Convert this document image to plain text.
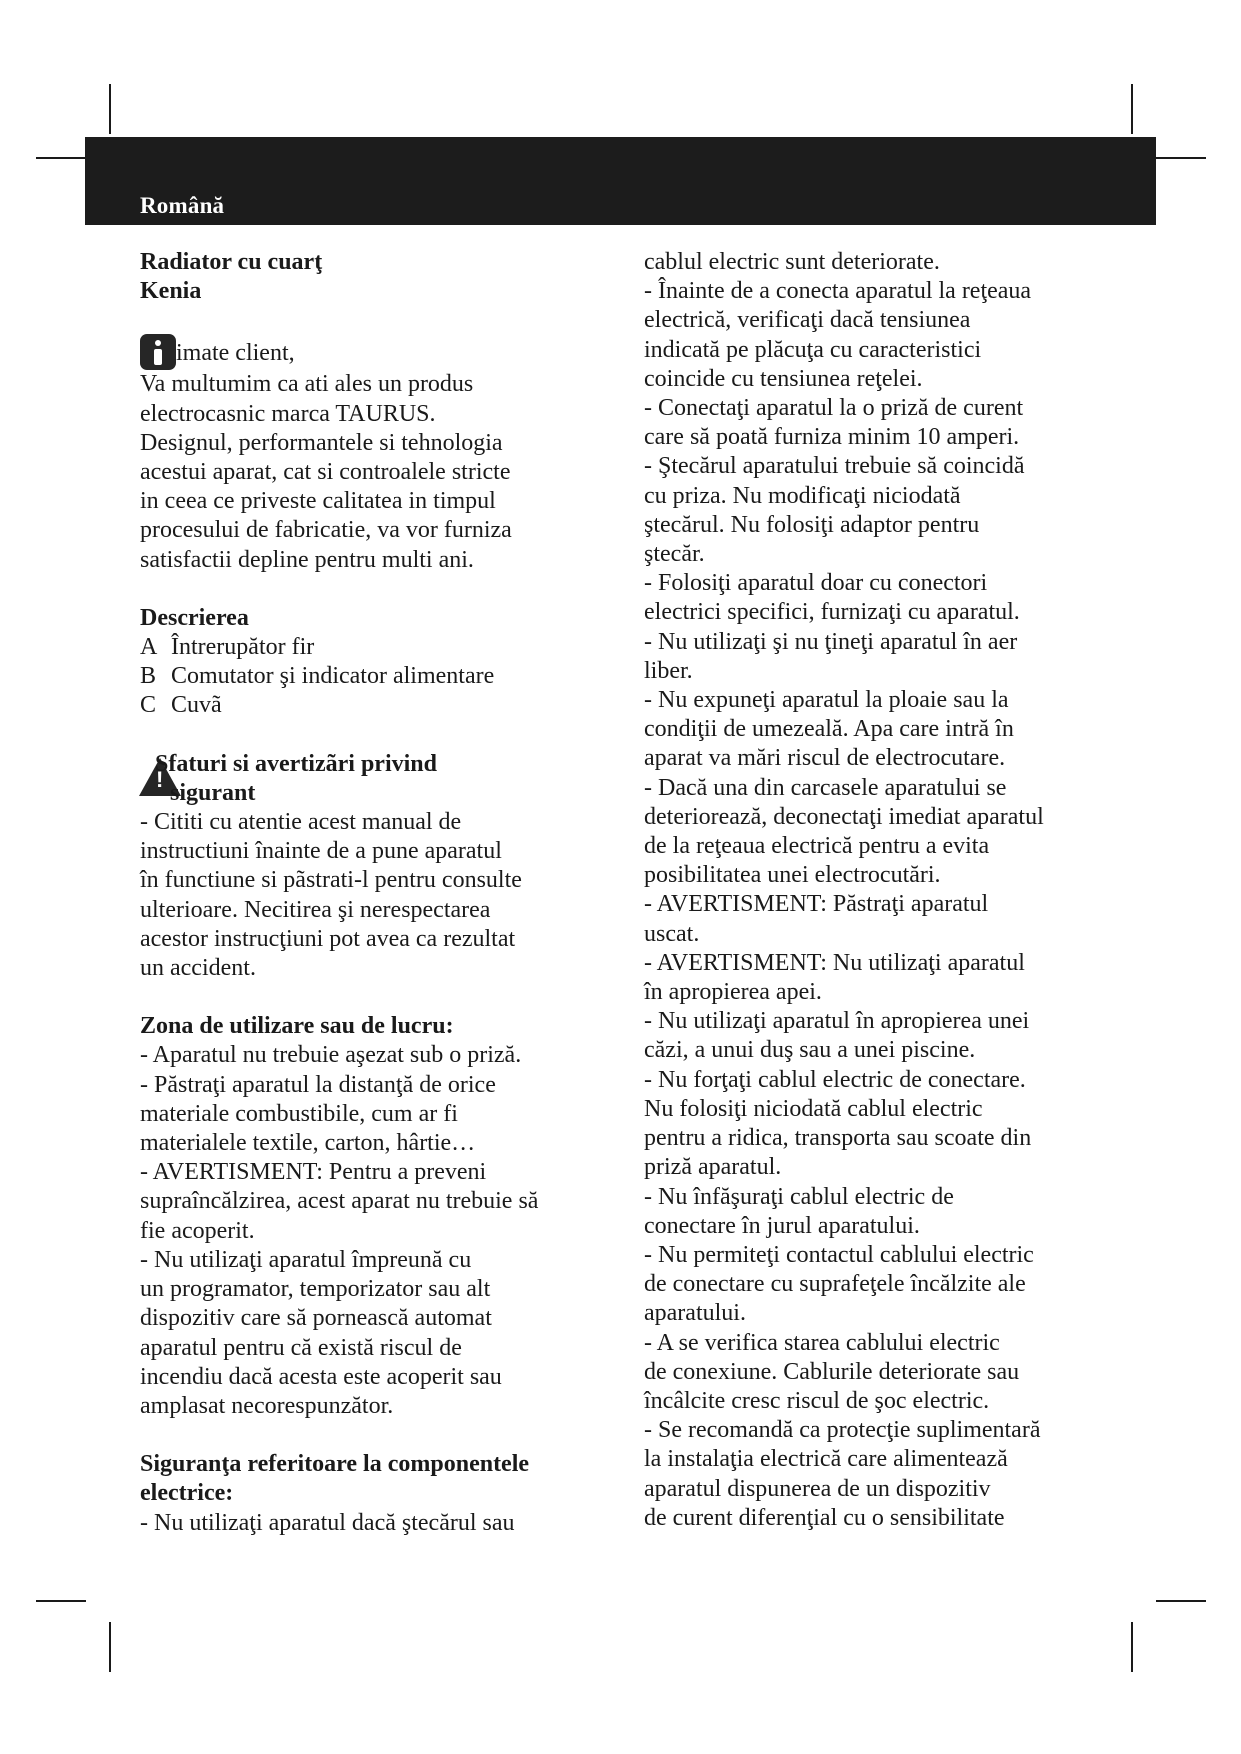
Română

Radiator cu cuarţ

Kenia

imate client,

Va multumim ca ati ales un produs

electrocasnic marca TAURUS.

Designul, performantele si tehnologia

acestui aparat, cat si controalele stricte

in ceea ce priveste calitatea in timpul

procesului de fabricatie, va vor furniza

satisfactii depline pentru multi ani.

Descrierea

A Întrerupător fir
B Comutator şi indicator alimentare
C Cuvã
!

Sfaturi si avertizãri privind

sigurant

- Cititi cu atentie acest manual de

instructiuni înainte de a pune aparatul

în functiune si pãstrati-l pentru consulte

ulterioare. Necitirea şi nerespectarea

acestor instrucţiuni pot avea ca rezultat

un accident.

Zona de utilizare sau de lucru:

- Aparatul nu trebuie aşezat sub o priză.

- Păstraţi aparatul la distanţă de orice

materiale combustibile, cum ar fi

materialele textile, carton, hârtie…

- AVERTISMENT: Pentru a preveni

supraîncălzirea, acest aparat nu trebuie să

fie acoperit.

- Nu utilizaţi aparatul împreună cu

un programator, temporizator sau alt

dispozitiv care să pornească automat

aparatul pentru că există riscul de

incendiu dacă acesta este acoperit sau

amplasat necorespunzător.

Siguranţa referitoare la componentele

electrice:

- Nu utilizaţi aparatul dacă ştecărul sau

cablul electric sunt deteriorate.

- Înainte de a conecta aparatul la reţeaua

electrică, verificaţi dacă tensiunea

indicată pe plăcuţa cu caracteristici

coincide cu tensiunea reţelei.

- Conectaţi aparatul la o priză de curent

care să poată furniza minim 10 amperi.

- Ştecărul aparatului trebuie să coincidă

cu priza. Nu modificaţi niciodată

ştecărul. Nu folosiţi adaptor pentru

ştecăr.

- Folosiţi aparatul doar cu conectori

electrici specifici, furnizaţi cu aparatul.

- Nu utilizaţi şi nu ţineţi aparatul în aer

liber.

- Nu expuneţi aparatul la ploaie sau la

condiţii de umezeală. Apa care intră în

aparat va mări riscul de electrocutare.

- Dacă una din carcasele aparatului se

deteriorează, deconectaţi imediat aparatul

de la reţeaua electrică pentru a evita

posibilitatea unei electrocutări.

- AVERTISMENT: Păstraţi aparatul

uscat.

- AVERTISMENT: Nu utilizaţi aparatul

în apropierea apei.

- Nu utilizaţi aparatul în apropierea unei

căzi, a unui duş sau a unei piscine.

- Nu forţaţi cablul electric de conectare.

Nu folosiţi niciodată cablul electric

pentru a ridica, transporta sau scoate din

priză aparatul.

- Nu înfăşuraţi cablul electric de

conectare în jurul aparatului.

- Nu permiteţi contactul cablului electric

de conectare cu suprafeţele încălzite ale

aparatului.

- A se verifica starea cablului electric

de conexiune. Cablurile deteriorate sau

încâlcite cresc riscul de şoc electric.

- Se recomandă ca protecţie suplimentară

la instalaţia electrică care alimentează

aparatul dispunerea de un dispozitiv

de curent diferenţial cu o sensibilitate
